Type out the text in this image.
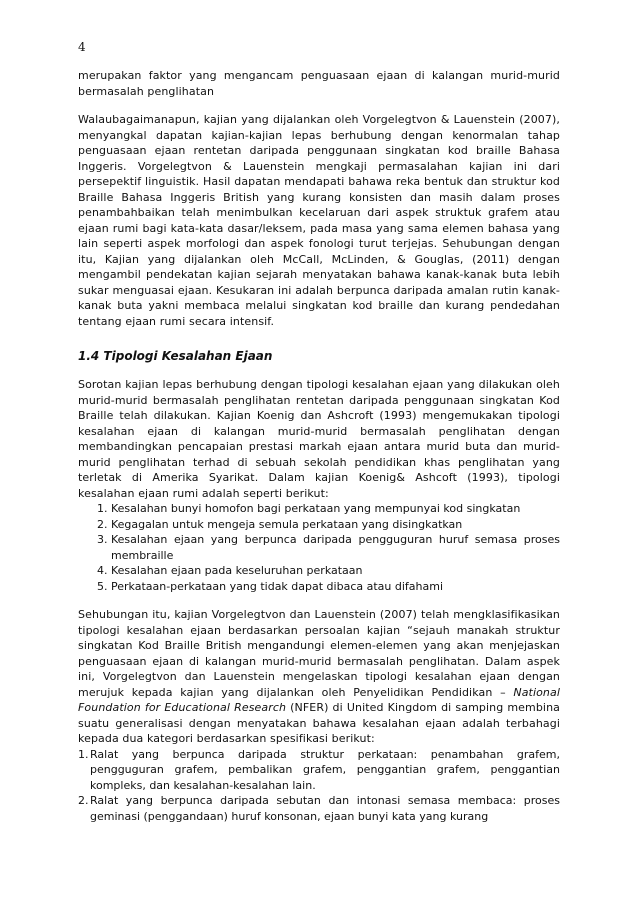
4

merupakan faktor yang mengancam penguasaan ejaan di kalangan murid-murid bermasalah penglihatan

Walaubagaimanapun, kajian yang dijalankan oleh Vorgelegtvon & Lauenstein (2007), menyangkal dapatan kajian-kajian lepas berhubung dengan kenormalan tahap penguasaan ejaan rentetan daripada penggunaan singkatan kod braille Bahasa Inggeris. Vorgelegtvon & Lauenstein mengkaji permasalahan kajian ini dari persepektif linguistik. Hasil dapatan mendapati bahawa reka bentuk dan struktur kod Braille Bahasa Inggeris British yang kurang konsisten dan masih dalam proses penambahbaikan telah menimbulkan kecelaruan dari aspek struktuk grafem atau ejaan rumi bagi kata-kata dasar/leksem, pada masa yang sama elemen bahasa yang lain seperti aspek morfologi dan aspek fonologi turut terjejas. Sehubungan dengan itu, Kajian yang dijalankan oleh McCall, McLinden, & Gouglas, (2011) dengan mengambil pendekatan kajian sejarah menyatakan bahawa kanak-kanak buta lebih sukar menguasai ejaan. Kesukaran ini adalah berpunca daripada amalan rutin kanak-kanak buta yakni membaca melalui singkatan kod braille dan kurang pendedahan tentang ejaan rumi secara intensif.

1.4 Tipologi Kesalahan Ejaan

Sorotan kajian lepas berhubung dengan tipologi kesalahan ejaan yang dilakukan oleh murid-murid bermasalah penglihatan rentetan daripada penggunaan singkatan Kod Braille telah dilakukan. Kajian Koenig dan Ashcroft (1993) mengemukakan tipologi kesalahan ejaan di kalangan murid-murid bermasalah penglihatan dengan membandingkan pencapaian prestasi markah ejaan antara murid buta dan murid-murid penglihatan terhad di sebuah sekolah pendidikan khas penglihatan yang terletak di Amerika Syarikat. Dalam kajian Koenig& Ashcoft (1993), tipologi kesalahan ejaan rumi adalah seperti berikut:

1. Kesalahan bunyi homofon bagi perkataan yang mempunyai kod singkatan
2. Kegagalan untuk mengeja semula perkataan yang disingkatkan
3. Kesalahan ejaan yang berpunca daripada pengguguran huruf semasa proses membraille
4. Kesalahan ejaan pada keseluruhan perkataan
5. Perkataan-perkataan yang tidak dapat dibaca atau difahami

Sehubungan itu, kajian Vorgelegtvon dan Lauenstein (2007) telah mengklasifikasikan tipologi kesalahan ejaan berdasarkan persoalan kajian “sejauh manakah struktur singkatan Kod Braille British mengandungi elemen-elemen yang akan menjejaskan penguasaan ejaan di kalangan murid-murid bermasalah penglihatan. Dalam aspek ini, Vorgelegtvon dan Lauenstein mengelaskan tipologi kesalahan ejaan dengan merujuk kepada kajian yang dijalankan oleh Penyelidikan Pendidikan – National Foundation for Educational Research (NFER) di United Kingdom di samping membina suatu generalisasi dengan menyatakan bahawa kesalahan ejaan adalah terbahagi kepada dua kategori berdasarkan spesifikasi berikut:

1. Ralat yang berpunca daripada struktur perkataan: penambahan grafem, pengguguran grafem, pembalikan grafem, penggantian grafem, penggantian kompleks, dan kesalahan-kesalahan lain.
2. Ralat yang berpunca daripada sebutan dan intonasi semasa membaca: proses geminasi (penggandaan) huruf konsonan, ejaan bunyi kata yang kurang
